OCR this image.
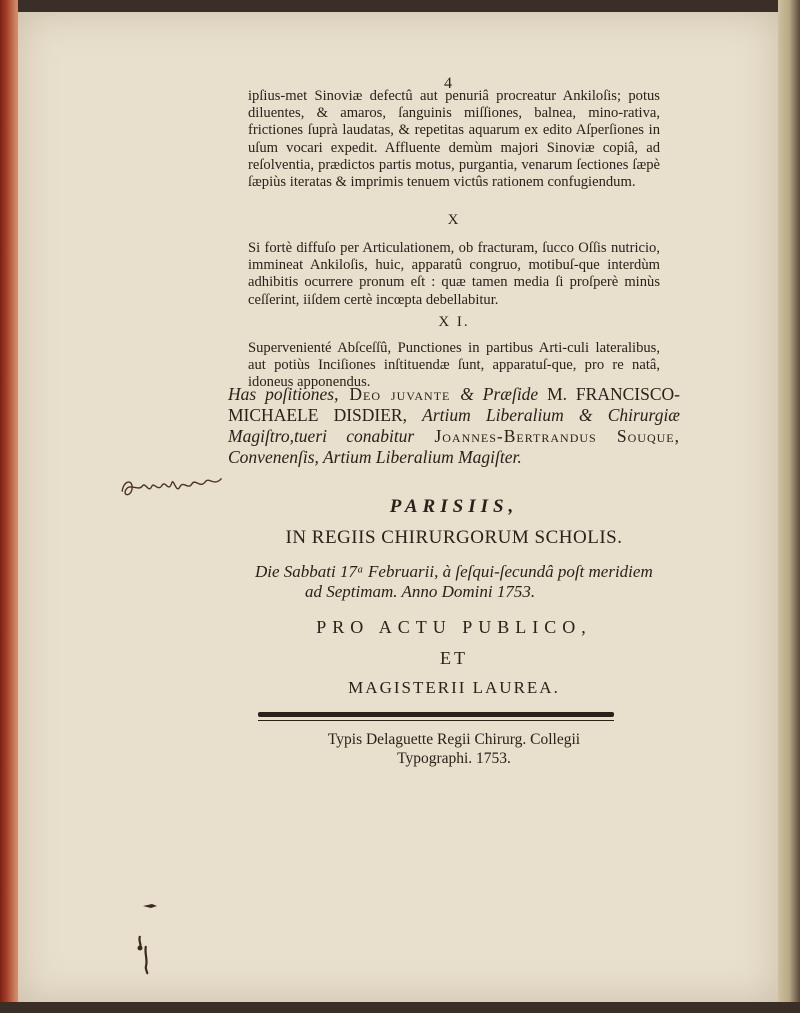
4
ipſius-met Sinoviæ defectû aut penuriâ procreatur Ankiloſis; potus diluentes, & amaros, ſanguinis miſſiones, balnea, mino-rativa, frictiones ſuprà laudatas, & repetitas aquarum ex edito Aſperſiones in uſum vocari expedit. Affluente demùm majori Sinoviæ copiâ, ad reſolventia, prædictos partis motus, purgantia, venarum ſectiones ſæpè ſæpiùs iteratas & imprimis tenuem victûs rationem confugiendum.
X
Si fortè diffuſo per Articulationem, ob fracturam, ſucco Oſſis nutricio, immineat Ankiloſis, huic, apparatû congruo, motibuſ-que interdùm adhibitis ocurrere pronum eſt : quæ tamen media ſi proſperè minùs ceſſerint, iiſdem certè incœpta debellabitur.
X I.
Supervenienté Abſceſſû, Punctiones in partibus Arti-culi lateralibus, aut potiùs Inciſiones inſtituendæ ſunt, apparatuſ-que, pro re natâ, idoneus apponendus.
Has poſitiones, Deo juvante & Præſide M. FRANCISCO-MICHAELE DISDIER, Artium Liberalium & Chirurgiæ Magiſtro,tueri conabitur Joannes-Bertrandus Souque, Convenenſis, Artium Liberalium Magiſter.
PARISIIS,
IN REGIIS CHIRURGORUM SCHOLIS.
Die Sabbati 17ᵃ Februarii, à ſeſqui-ſecundâ poſt meridiem
ad Septimam. Anno Domini 1753.
PRO ACTU PUBLICO,
ET
MAGISTERII LAUREA.
Typis Delaguette Regii Chirurg. Collegii
Typographi. 1753.
